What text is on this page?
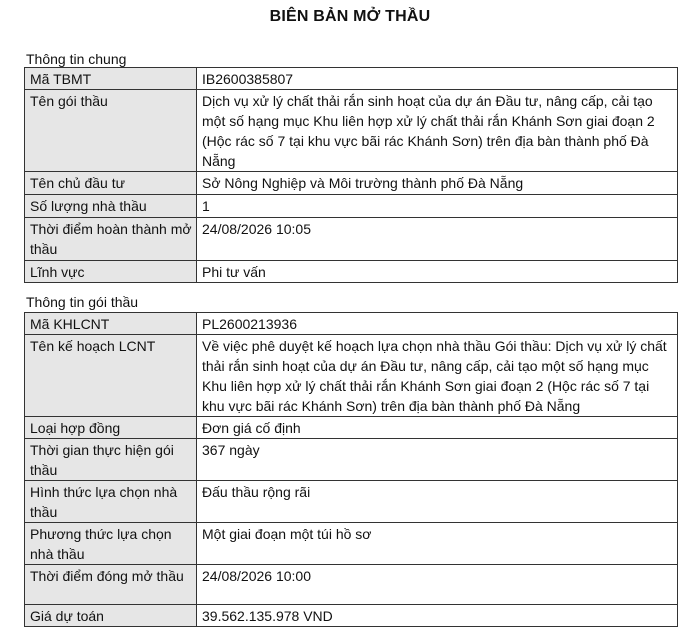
BIÊN BẢN MỞ THẦU
Thông tin chung
Mã TBMT	IB2600385807
Tên gói thầu	Dịch vụ xử lý chất thải rắn sinh hoạt của dự án Đầu tư, nâng cấp, cải tạo một số hạng mục Khu liên hợp xử lý chất thải rắn Khánh Sơn giai đoạn 2 (Hộc rác số 7 tại khu vực bãi rác Khánh Sơn) trên địa bàn thành phố Đà Nẵng
Tên chủ đầu tư	Sở Nông Nghiệp và Môi trường thành phố Đà Nẵng
Số lượng nhà thầu	1
Thời điểm hoàn thành mở thầu	24/08/2026 10:05
Lĩnh vực	Phi tư vấn
Thông tin gói thầu
Mã KHLCNT	PL2600213936
Tên kế hoạch LCNT	Về việc phê duyệt kế hoạch lựa chọn nhà thầu Gói thầu: Dịch vụ xử lý chất thải rắn sinh hoạt của dự án Đầu tư, nâng cấp, cải tạo một số hạng mục Khu liên hợp xử lý chất thải rắn Khánh Sơn giai đoạn 2 (Hộc rác số 7 tại khu vực bãi rác Khánh Sơn) trên địa bàn thành phố Đà Nẵng
Loại hợp đồng	Đơn giá cố định
Thời gian thực hiện gói thầu	367 ngày
Hình thức lựa chọn nhà thầu	Đấu thầu rộng rãi
Phương thức lựa chọn nhà thầu	Một giai đoạn một túi hồ sơ
Thời điểm đóng mở thầu	24/08/2026 10:00
Giá dự toán	39.562.135.978 VND
